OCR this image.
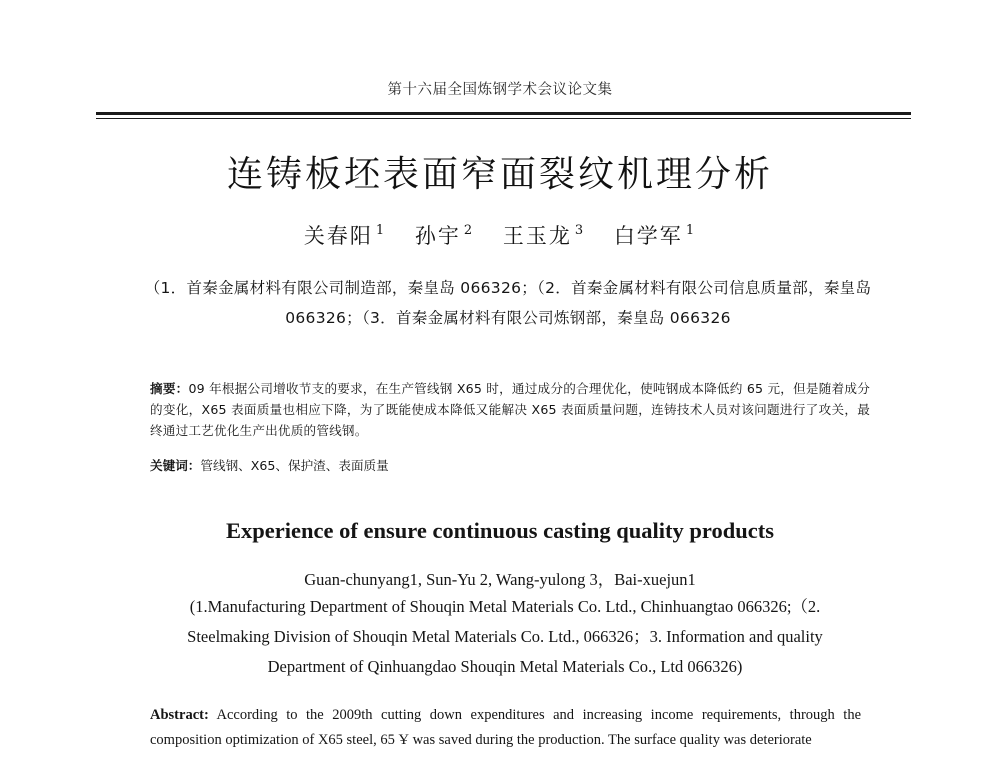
第十六届全国炼钢学术会议论文集
连铸板坯表面窄面裂纹机理分析
关春阳 $^1$ 孙宇 $^2$ 王玉龙 $^3$ 白学军 $^1$
（1．首秦金属材料有限公司制造部，秦皇岛 066326；（2．首秦金属材料有限公司信息质量部，秦皇岛
066326；（3．首秦金属材料有限公司炼钢部，秦皇岛 066326
摘要：09 年根据公司增收节支的要求，在生产管线钢 X65 时，通过成分的合理优化，使吨钢成本降低约 65 元，但是随着成分的变化，X65 表面质量也相应下降，为了既能使成本降低又能解决 X65 表面质量问题，连铸技术人员对该问题进行了攻关，最终通过工艺优化生产出优质的管线钢。
关键词：管线钢、X65、保护渣、表面质量
Experience of ensure continuous casting quality products
Guan-chunyang1, Sun-Yu 2, Wang-yulong 3，Bai-xuejun1
(1.Manufacturing Department of Shouqin Metal Materials Co. Ltd., Chinhuangtao 066326;（2.
Steelmaking Division of Shouqin Metal Materials Co. Ltd., 066326；3. Information and quality
Department of Qinhuangdao Shouqin Metal Materials Co., Ltd 066326)
Abstract: According to the 2009th cutting down expenditures and increasing income requirements, through the composition optimization of X65 steel, 65 Ұ was saved during the production. The surface quality was deteriorate
